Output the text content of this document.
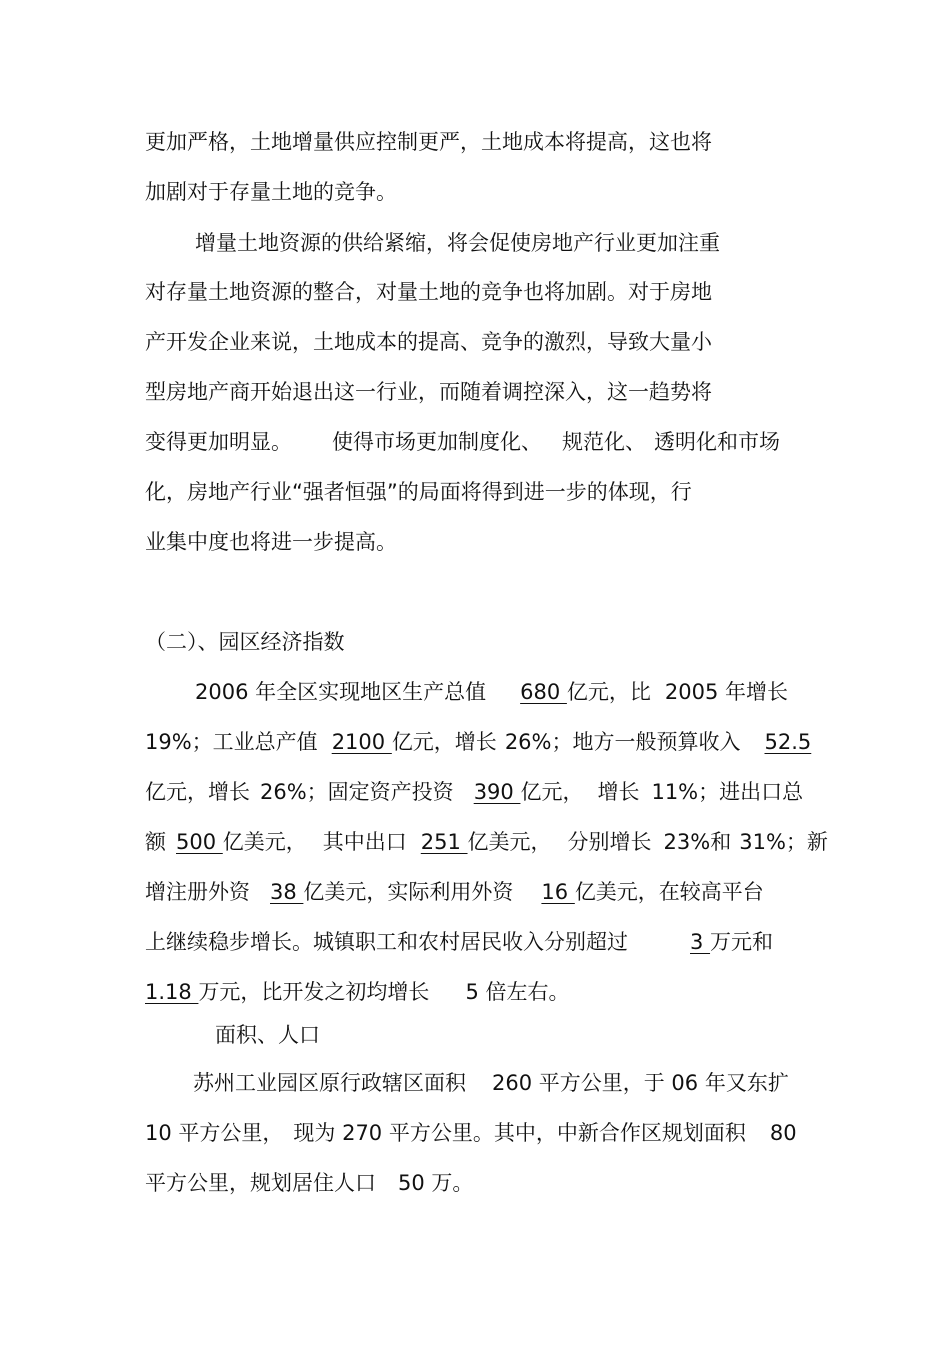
更加严格，土地增量供应控制更严，土地成本将提高，这也将
加剧对于存量土地的竞争。
增量土地资源的供给紧缩，将会促使房地产行业更加注重
对存量土地资源的整合，对量土地的竞争也将加剧。对于房地
产开发企业来说，土地成本的提高、竞争的激烈，导致大量小
型房地产商开始退出这一行业，而随着调控深入，这一趋势将
变得更加明显。 使得市场更加制度化、 规范化、 透明化和市场
化，房地产行业“强者恒强”的局面将得到进一步的体现，行
业集中度也将进一步提高。
（二）、园区经济指数
2006 年全区实现地区生产总值 680 亿元，比 2005 年增长
19%；工业总产值 2100 亿元，增长 26%；地方一般预算收入 52.5
亿元，增长 26%；固定资产投资 390 亿元， 增长 11%；进出口总
额 500 亿美元， 其中出口 251 亿美元， 分别增长 23%和 31%；新
增注册外资 38 亿美元，实际利用外资 16 亿美元，在较高平台
上继续稳步增长。城镇职工和农村居民收入分别超过	3 万元和
1.18 万元，比开发之初均增长 5 倍左右。
面积、人口
苏州工业园区原行政辖区面积 260 平方公里，于 06 年又东扩
10 平方公里， 现为 270 平方公里。其中，中新合作区规划面积 80
平方公里，规划居住人口 50 万。
